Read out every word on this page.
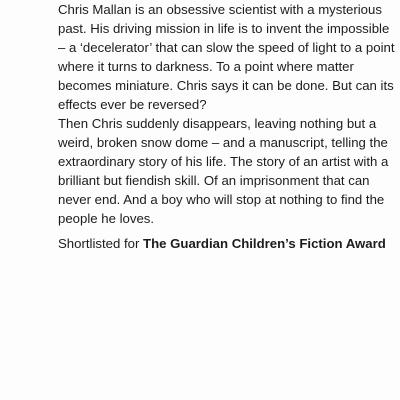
Chris Mallan is an obsessive scientist with a mysterious
past. His driving mission in life is to invent the impossible
– a ‘decelerator’ that can slow the speed of light to a point
where it turns to darkness. To a point where matter
becomes miniature. Chris says it can be done. But can its
effects ever be reversed?
Then Chris suddenly disappears, leaving nothing but a
weird, broken snow dome – and a manuscript, telling the
extraordinary story of his life. The story of an artist with a
brilliant but fiendish skill. Of an imprisonment that can
never end. And a boy who will stop at nothing to find the
people he loves.
Shortlisted for The Guardian Children’s Fiction Award
